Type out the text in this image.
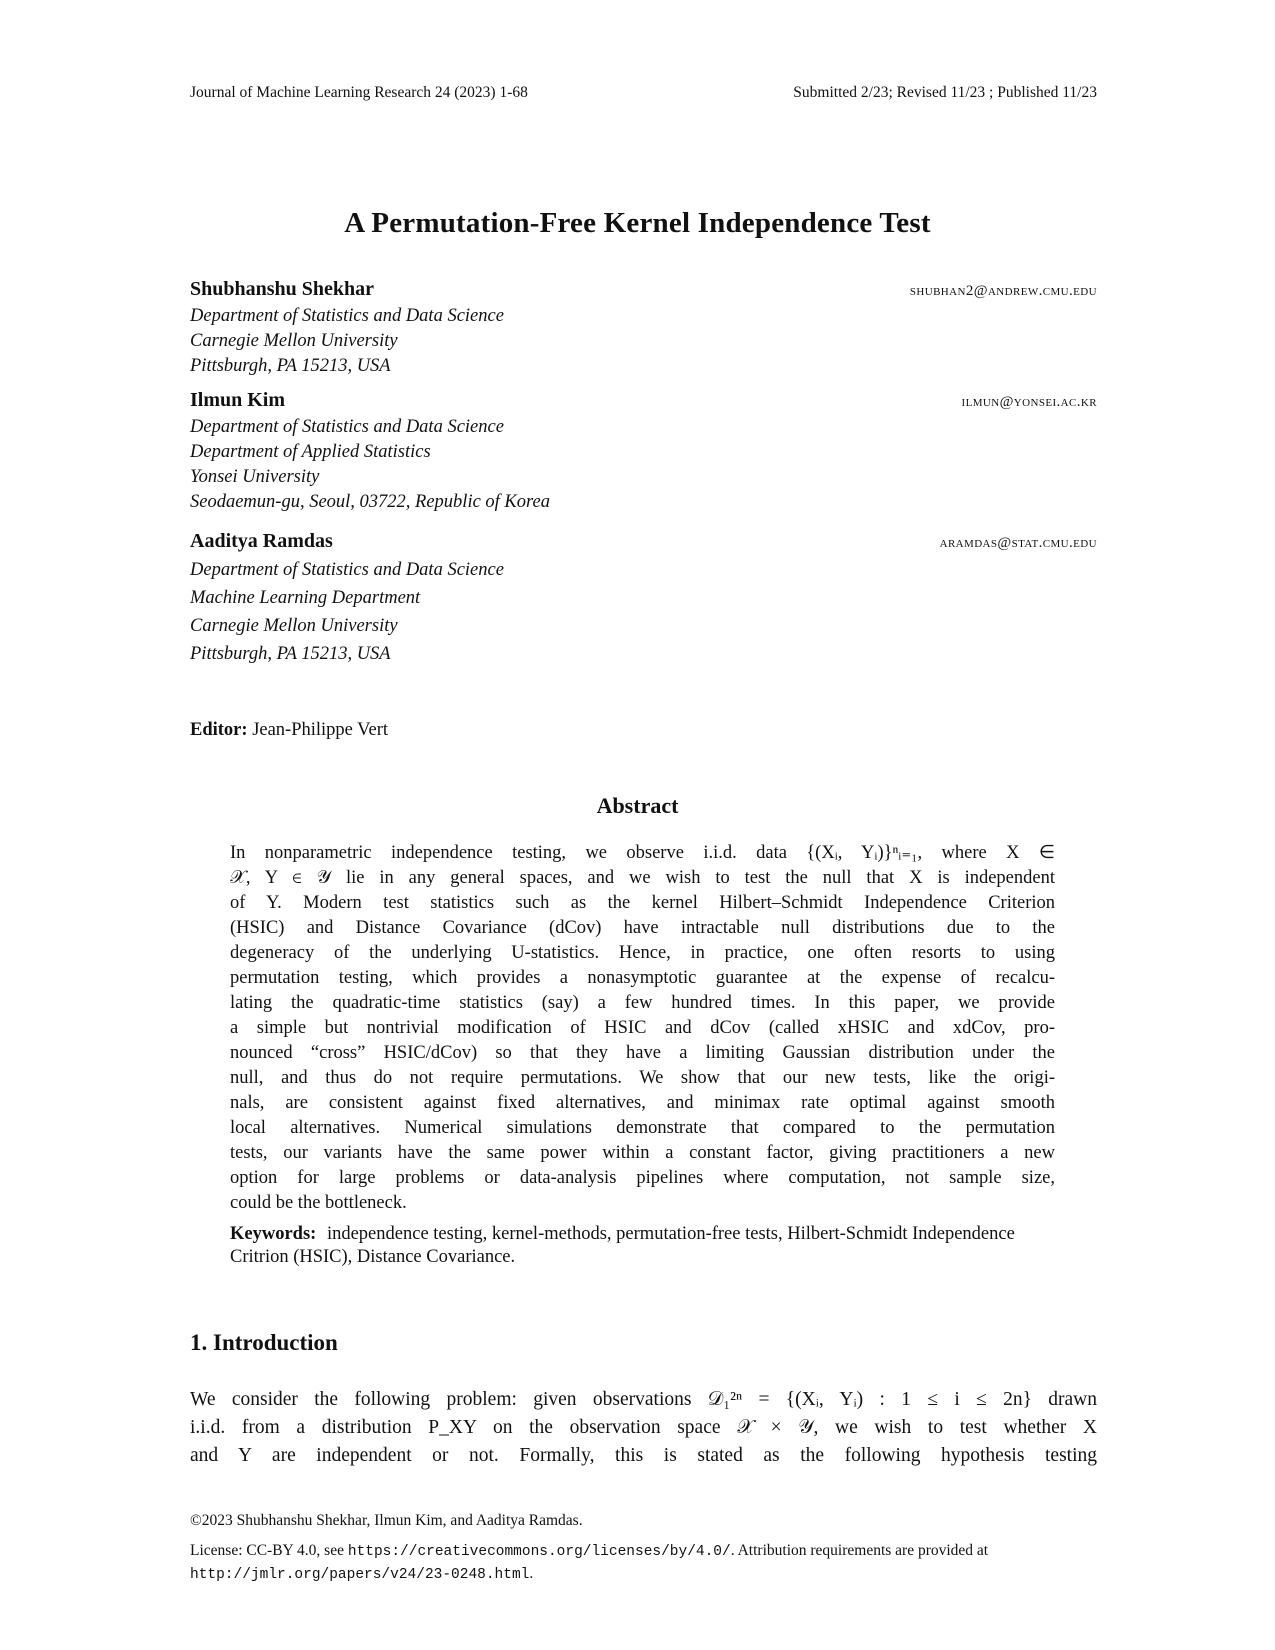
Journal of Machine Learning Research 24 (2023) 1-68	Submitted 2/23; Revised 11/23 ; Published 11/23
A Permutation-Free Kernel Independence Test
Shubhanshu Shekhar	shubhan2@andrew.cmu.edu
Department of Statistics and Data Science
Carnegie Mellon University
Pittsburgh, PA 15213, USA
Ilmun Kim	ilmun@yonsei.ac.kr
Department of Statistics and Data Science
Department of Applied Statistics
Yonsei University
Seodaemun-gu, Seoul, 03722, Republic of Korea
Aaditya Ramdas	aramdas@stat.cmu.edu
Department of Statistics and Data Science
Machine Learning Department
Carnegie Mellon University
Pittsburgh, PA 15213, USA
Editor: Jean-Philippe Vert
Abstract
In nonparametric independence testing, we observe i.i.d. data {(Xᵢ, Yᵢ)}ⁿᵢ₌₁, where X ∈
𝒳, Y ∈ 𝒴 lie in any general spaces, and we wish to test the null that X is independent
of Y. Modern test statistics such as the kernel Hilbert–Schmidt Independence Criterion
(HSIC) and Distance Covariance (dCov) have intractable null distributions due to the
degeneracy of the underlying U-statistics. Hence, in practice, one often resorts to using
permutation testing, which provides a nonasymptotic guarantee at the expense of recalcu-
lating the quadratic-time statistics (say) a few hundred times. In this paper, we provide
a simple but nontrivial modification of HSIC and dCov (called xHSIC and xdCov, pro-
nounced “cross” HSIC/dCov) so that they have a limiting Gaussian distribution under the
null, and thus do not require permutations. We show that our new tests, like the origi-
nals, are consistent against fixed alternatives, and minimax rate optimal against smooth
local alternatives. Numerical simulations demonstrate that compared to the permutation
tests, our variants have the same power within a constant factor, giving practitioners a new
option for large problems or data-analysis pipelines where computation, not sample size,
could be the bottleneck.
Keywords: independence testing, kernel-methods, permutation-free tests, Hilbert-Schmidt Independence Critrion (HSIC), Distance Covariance.
1. Introduction
We consider the following problem: given observations 𝒟₁²ⁿ = {(Xᵢ, Yᵢ) : 1 ≤ i ≤ 2n} drawn
i.i.d. from a distribution P_XY on the observation space 𝒳 × 𝒴, we wish to test whether X
and Y are independent or not. Formally, this is stated as the following hypothesis testing
©2023 Shubhanshu Shekhar, Ilmun Kim, and Aaditya Ramdas.
License: CC-BY 4.0, see https://creativecommons.org/licenses/by/4.0/. Attribution requirements are provided at http://jmlr.org/papers/v24/23-0248.html.
